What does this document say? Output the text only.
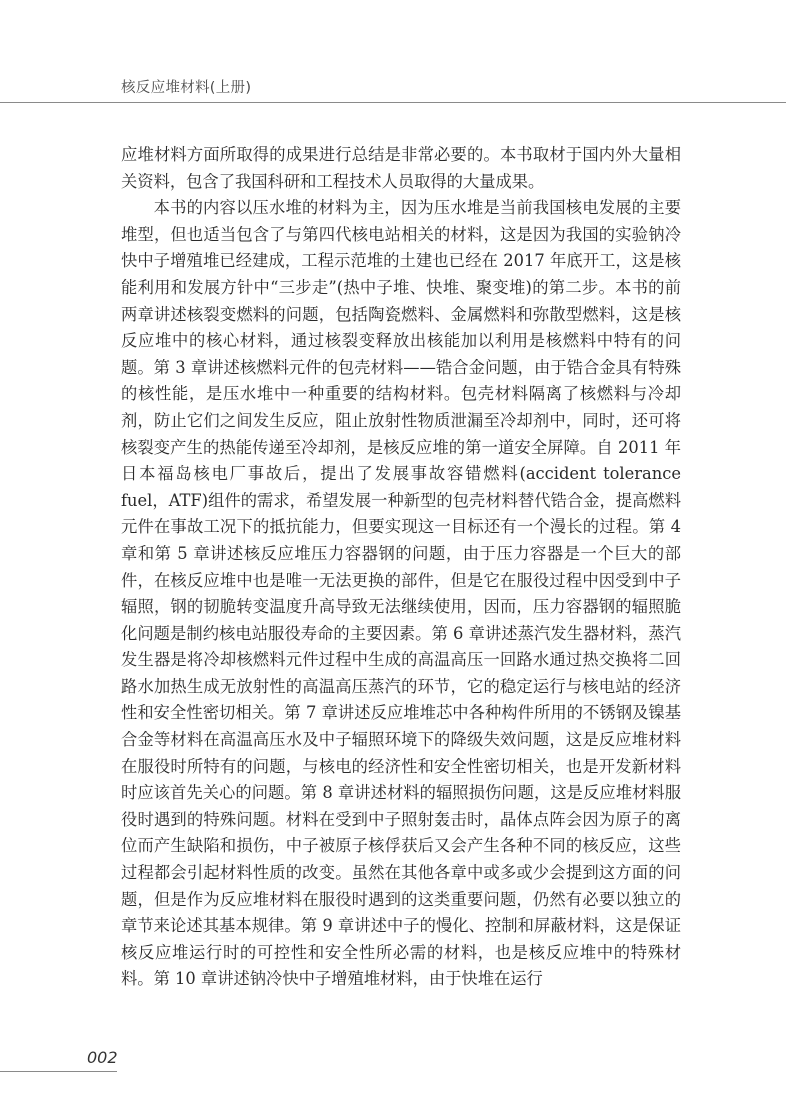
核反应堆材料(上册)

应堆材料方面所取得的成果进行总结是非常必要的。本书取材于国内外大量相关资料，包含了我国科研和工程技术人员取得的大量成果。

本书的内容以压水堆的材料为主，因为压水堆是当前我国核电发展的主要堆型，但也适当包含了与第四代核电站相关的材料，这是因为我国的实验钠冷快中子增殖堆已经建成，工程示范堆的土建也已经在 2017 年底开工，这是核能利用和发展方针中“三步走”(热中子堆、快堆、聚变堆)的第二步。本书的前两章讲述核裂变燃料的问题，包括陶瓷燃料、金属燃料和弥散型燃料，这是核反应堆中的核心材料，通过核裂变释放出核能加以利用是核燃料中特有的问题。第 3 章讲述核燃料元件的包壳材料——锆合金问题，由于锆合金具有特殊的核性能，是压水堆中一种重要的结构材料。包壳材料隔离了核燃料与冷却剂，防止它们之间发生反应，阻止放射性物质泄漏至冷却剂中，同时，还可将核裂变产生的热能传递至冷却剂，是核反应堆的第一道安全屏障。自 2011 年日本福岛核电厂事故后，提出了发展事故容错燃料(accident tolerance fuel，ATF)组件的需求，希望发展一种新型的包壳材料替代锆合金，提高燃料元件在事故工况下的抵抗能力，但要实现这一目标还有一个漫长的过程。第 4 章和第 5 章讲述核反应堆压力容器钢的问题，由于压力容器是一个巨大的部件，在核反应堆中也是唯一无法更换的部件，但是它在服役过程中因受到中子辐照，钢的韧脆转变温度升高导致无法继续使用，因而，压力容器钢的辐照脆化问题是制约核电站服役寿命的主要因素。第 6 章讲述蒸汽发生器材料，蒸汽发生器是将冷却核燃料元件过程中生成的高温高压一回路水通过热交换将二回路水加热生成无放射性的高温高压蒸汽的环节，它的稳定运行与核电站的经济性和安全性密切相关。第 7 章讲述反应堆堆芯中各种构件所用的不锈钢及镍基合金等材料在高温高压水及中子辐照环境下的降级失效问题，这是反应堆材料在服役时所特有的问题，与核电的经济性和安全性密切相关，也是开发新材料时应该首先关心的问题。第 8 章讲述材料的辐照损伤问题，这是反应堆材料服役时遇到的特殊问题。材料在受到中子照射轰击时，晶体点阵会因为原子的离位而产生缺陷和损伤，中子被原子核俘获后又会产生各种不同的核反应，这些过程都会引起材料性质的改变。虽然在其他各章中或多或少会提到这方面的问题，但是作为反应堆材料在服役时遇到的这类重要问题，仍然有必要以独立的章节来论述其基本规律。第 9 章讲述中子的慢化、控制和屏蔽材料，这是保证核反应堆运行时的可控性和安全性所必需的材料，也是核反应堆中的特殊材料。第 10 章讲述钠冷快中子增殖堆材料，由于快堆在运行

002
